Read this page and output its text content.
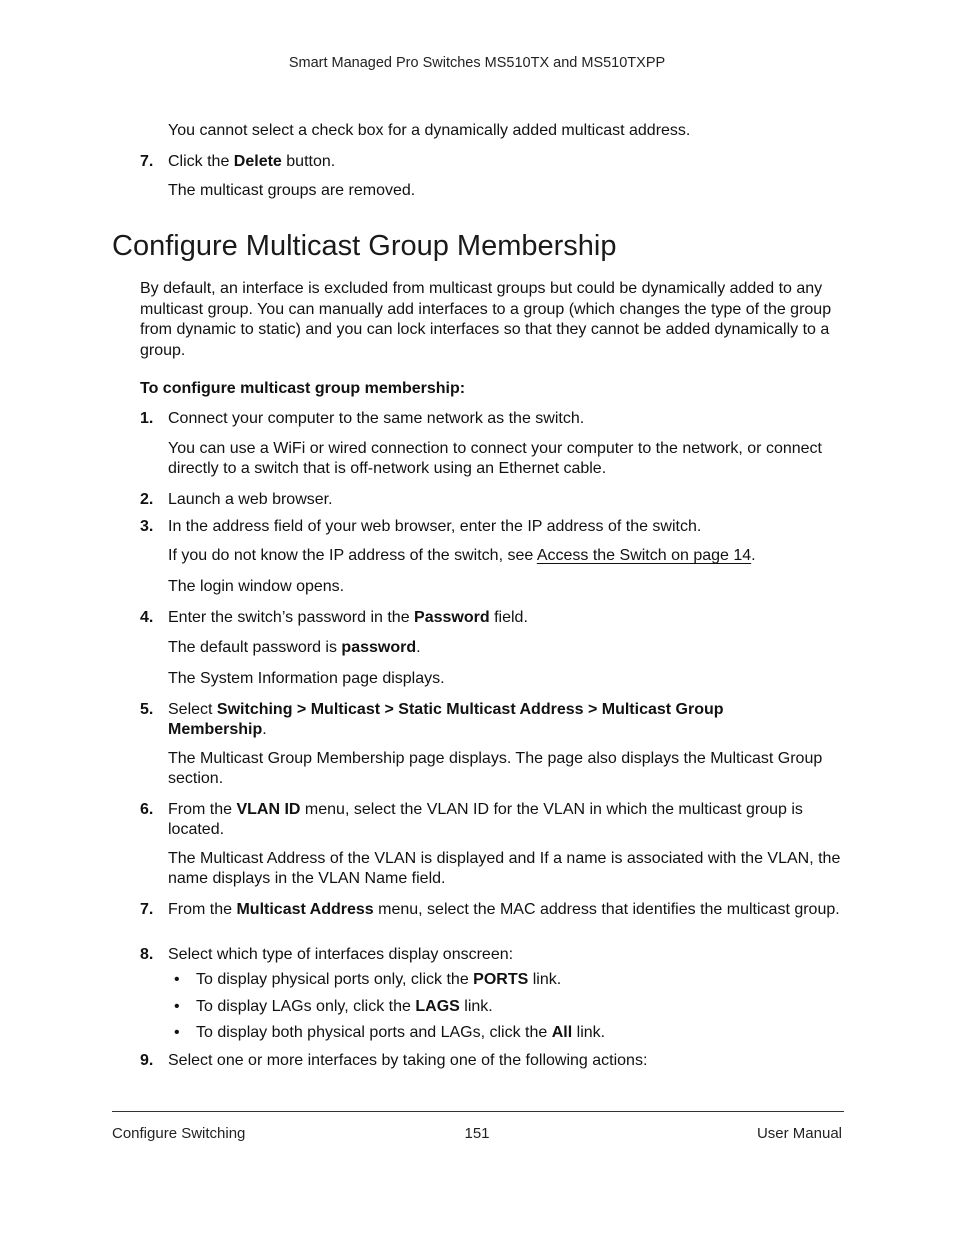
Smart Managed Pro Switches MS510TX and MS510TXPP
You cannot select a check box for a dynamically added multicast address.
7. Click the Delete button.
The multicast groups are removed.
Configure Multicast Group Membership
By default, an interface is excluded from multicast groups but could be dynamically added to any multicast group. You can manually add interfaces to a group (which changes the type of the group from dynamic to static) and you can lock interfaces so that they cannot be added dynamically to a group.
To configure multicast group membership:
1. Connect your computer to the same network as the switch.
You can use a WiFi or wired connection to connect your computer to the network, or connect directly to a switch that is off-network using an Ethernet cable.
2. Launch a web browser.
3. In the address field of your web browser, enter the IP address of the switch.
If you do not know the IP address of the switch, see Access the Switch on page 14.
The login window opens.
4. Enter the switch’s password in the Password field.
The default password is password.
The System Information page displays.
5. Select Switching > Multicast > Static Multicast Address > Multicast Group Membership.
The Multicast Group Membership page displays. The page also displays the Multicast Group section.
6. From the VLAN ID menu, select the VLAN ID for the VLAN in which the multicast group is located.
The Multicast Address of the VLAN is displayed and If a name is associated with the VLAN, the name displays in the VLAN Name field.
7. From the Multicast Address menu, select the MAC address that identifies the multicast group.
8. Select which type of interfaces display onscreen:
• To display physical ports only, click the PORTS link.
• To display LAGs only, click the LAGS link.
• To display both physical ports and LAGs, click the All link.
9. Select one or more interfaces by taking one of the following actions:
Configure Switching	151	User Manual
